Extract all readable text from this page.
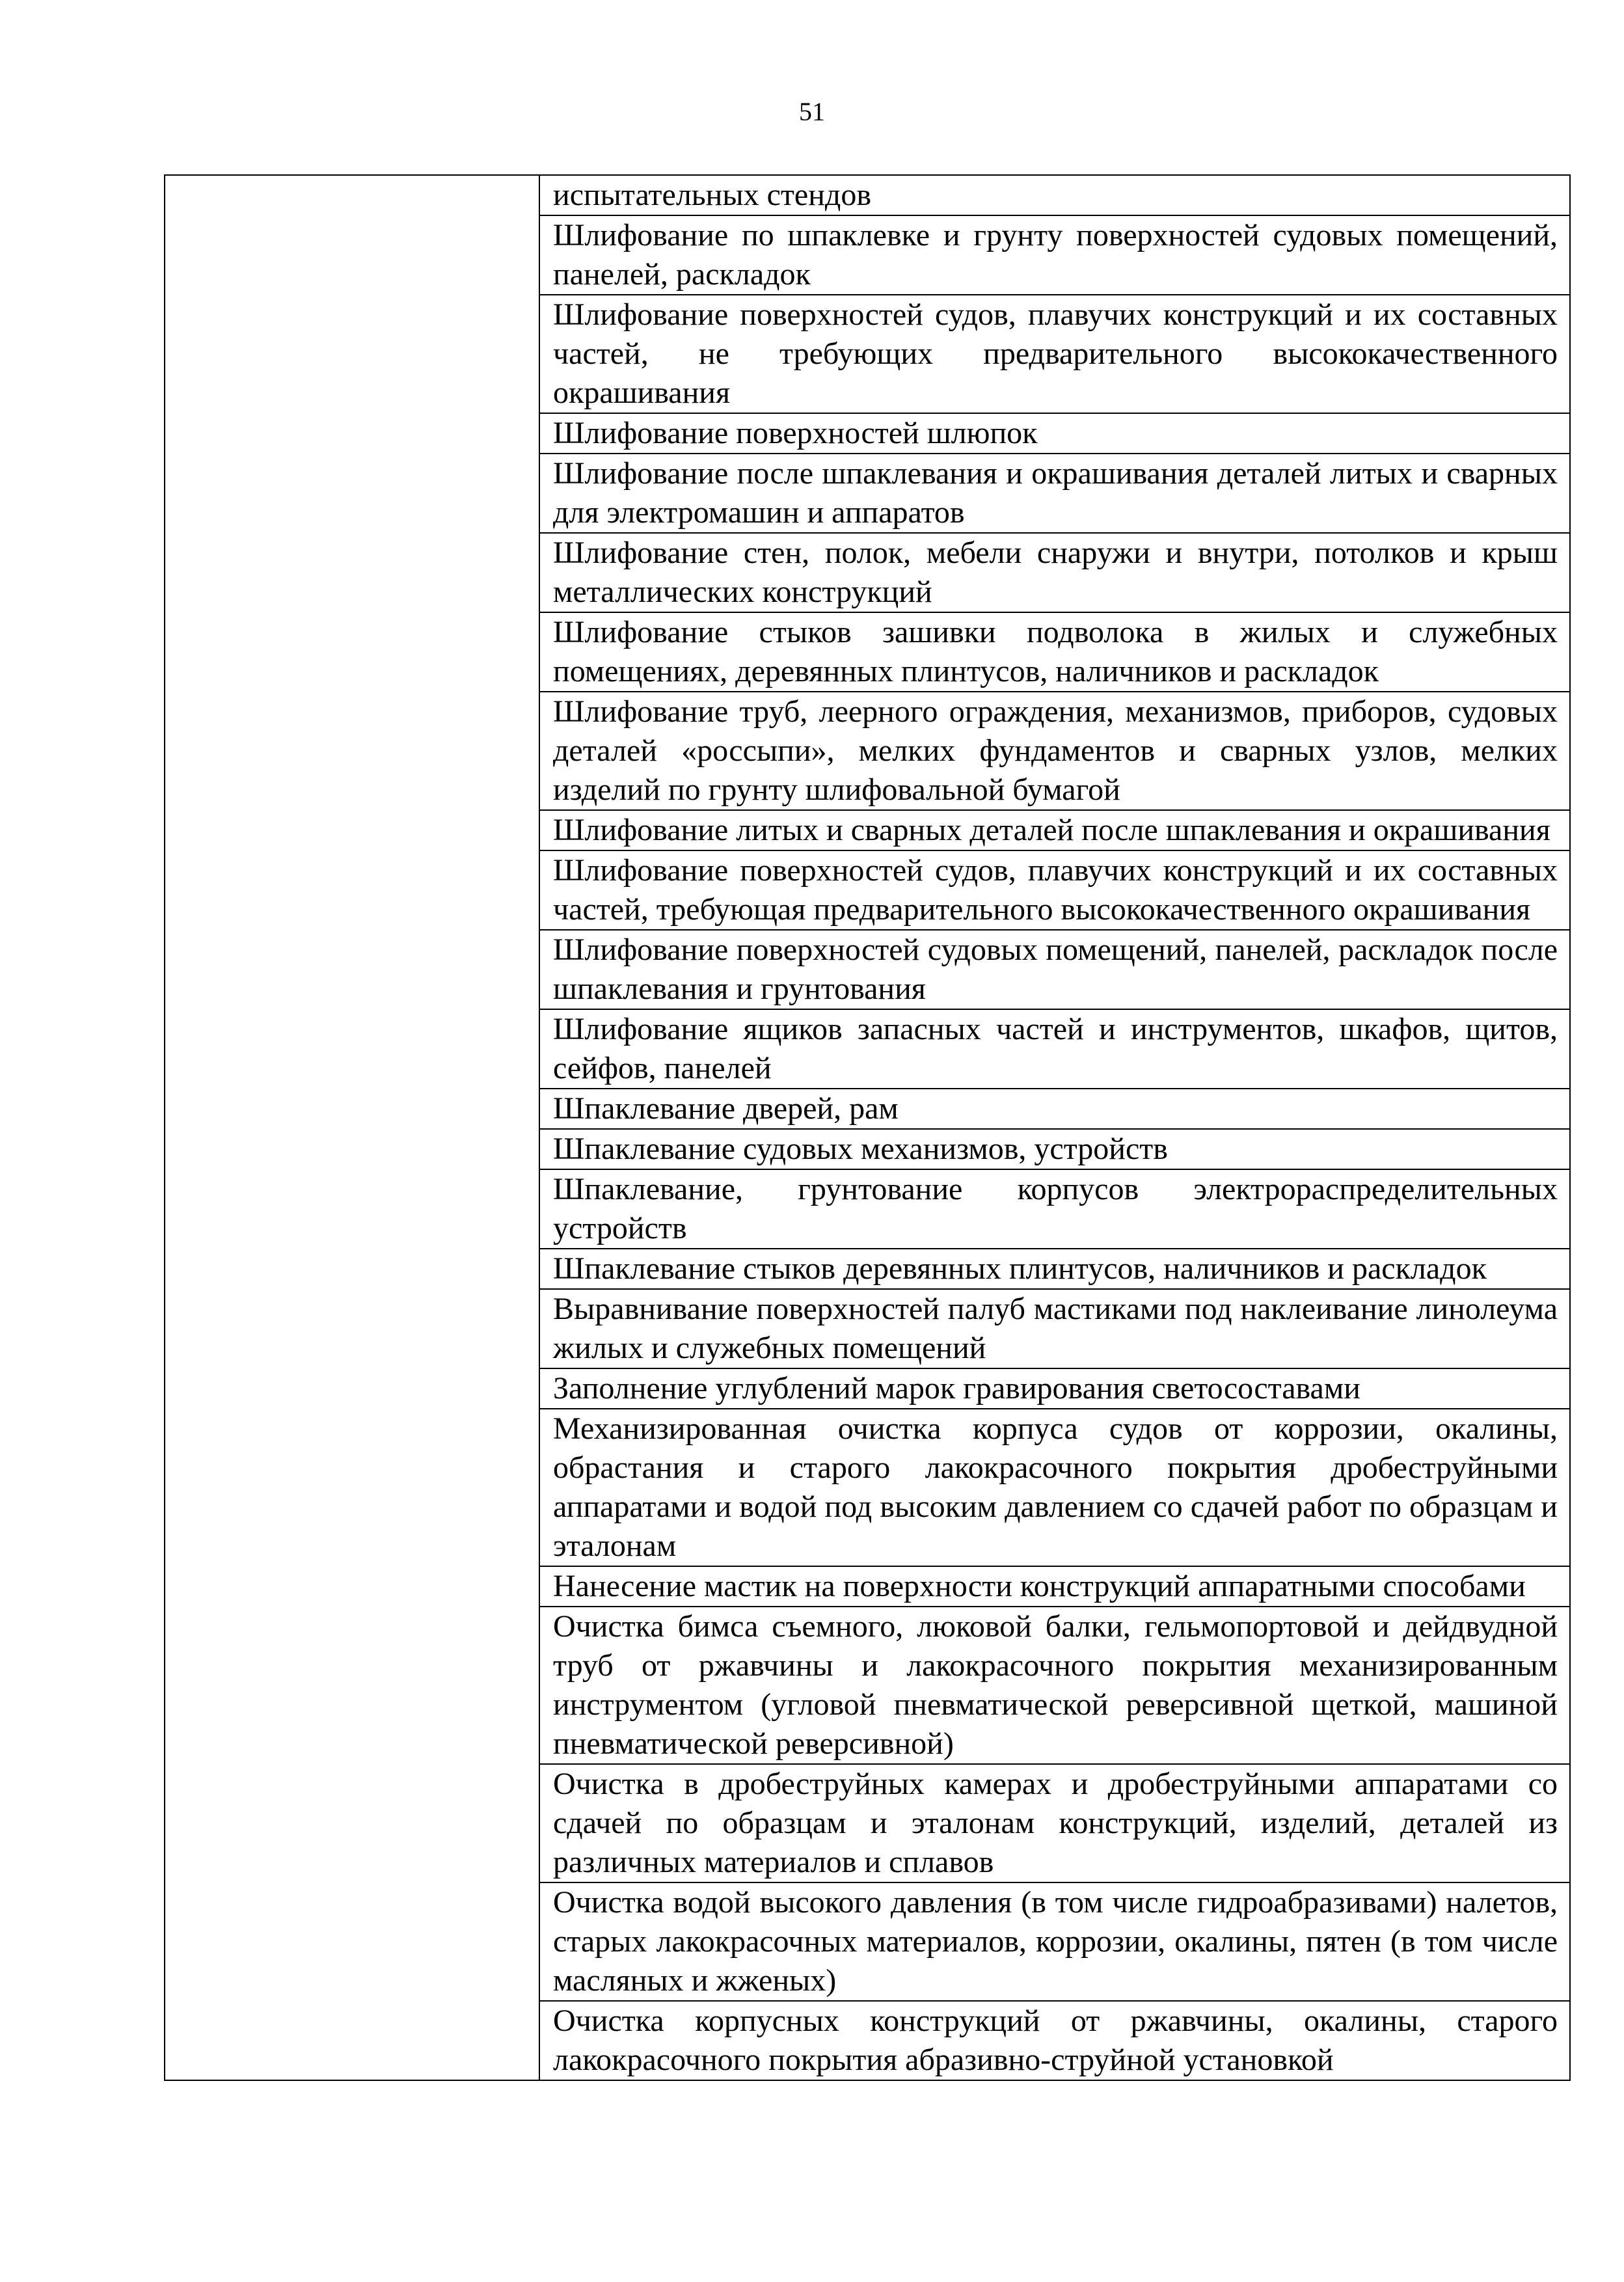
51
	испытательных стендов
Шлифование по шпаклевке и грунту поверхностей судовых помещений, панелей, раскладок
Шлифование поверхностей судов, плавучих конструкций и их составных частей, не требующих предварительного высококачественного окрашивания
Шлифование поверхностей шлюпок
Шлифование после шпаклевания и окрашивания деталей литых и сварных для электромашин и аппаратов
Шлифование стен, полок, мебели снаружи и внутри, потолков и крыш металлических конструкций
Шлифование стыков зашивки подволока в жилых и служебных помещениях, деревянных плинтусов, наличников и раскладок
Шлифование труб, леерного ограждения, механизмов, приборов, судовых деталей «россыпи», мелких фундаментов и сварных узлов, мелких изделий по грунту шлифовальной бумагой
Шлифование литых и сварных деталей после шпаклевания и окрашивания
Шлифование поверхностей судов, плавучих конструкций и их составных частей, требующая предварительного высококачественного окрашивания
Шлифование поверхностей судовых помещений, панелей, раскладок после шпаклевания и грунтования
Шлифование ящиков запасных частей и инструментов, шкафов, щитов, сейфов, панелей
Шпаклевание дверей, рам
Шпаклевание судовых механизмов, устройств
Шпаклевание, грунтование корпусов электрораспределительных устройств
Шпаклевание стыков деревянных плинтусов, наличников и раскладок
Выравнивание поверхностей палуб мастиками под наклеивание линолеума жилых и служебных помещений
Заполнение углублений марок гравирования светосоставами
Механизированная очистка корпуса судов от коррозии, окалины, обрастания и старого лакокрасочного покрытия дробеструйными аппаратами и водой под высоким давлением со сдачей работ по образцам и эталонам
Нанесение мастик на поверхности конструкций аппаратными способами
Очистка бимса съемного, люковой балки, гельмопортовой и дейдвудной труб от ржавчины и лакокрасочного покрытия механизированным инструментом (угловой пневматической реверсивной щеткой, машиной пневматической реверсивной)
Очистка в дробеструйных камерах и дробеструйными аппаратами со сдачей по образцам и эталонам конструкций, изделий, деталей из различных материалов и сплавов
Очистка водой высокого давления (в том числе гидроабразивами) налетов, старых лакокрасочных материалов, коррозии, окалины, пятен (в том числе масляных и жженых)
Очистка корпусных конструкций от ржавчины, окалины, старого лакокрасочного покрытия абразивно-струйной установкой
